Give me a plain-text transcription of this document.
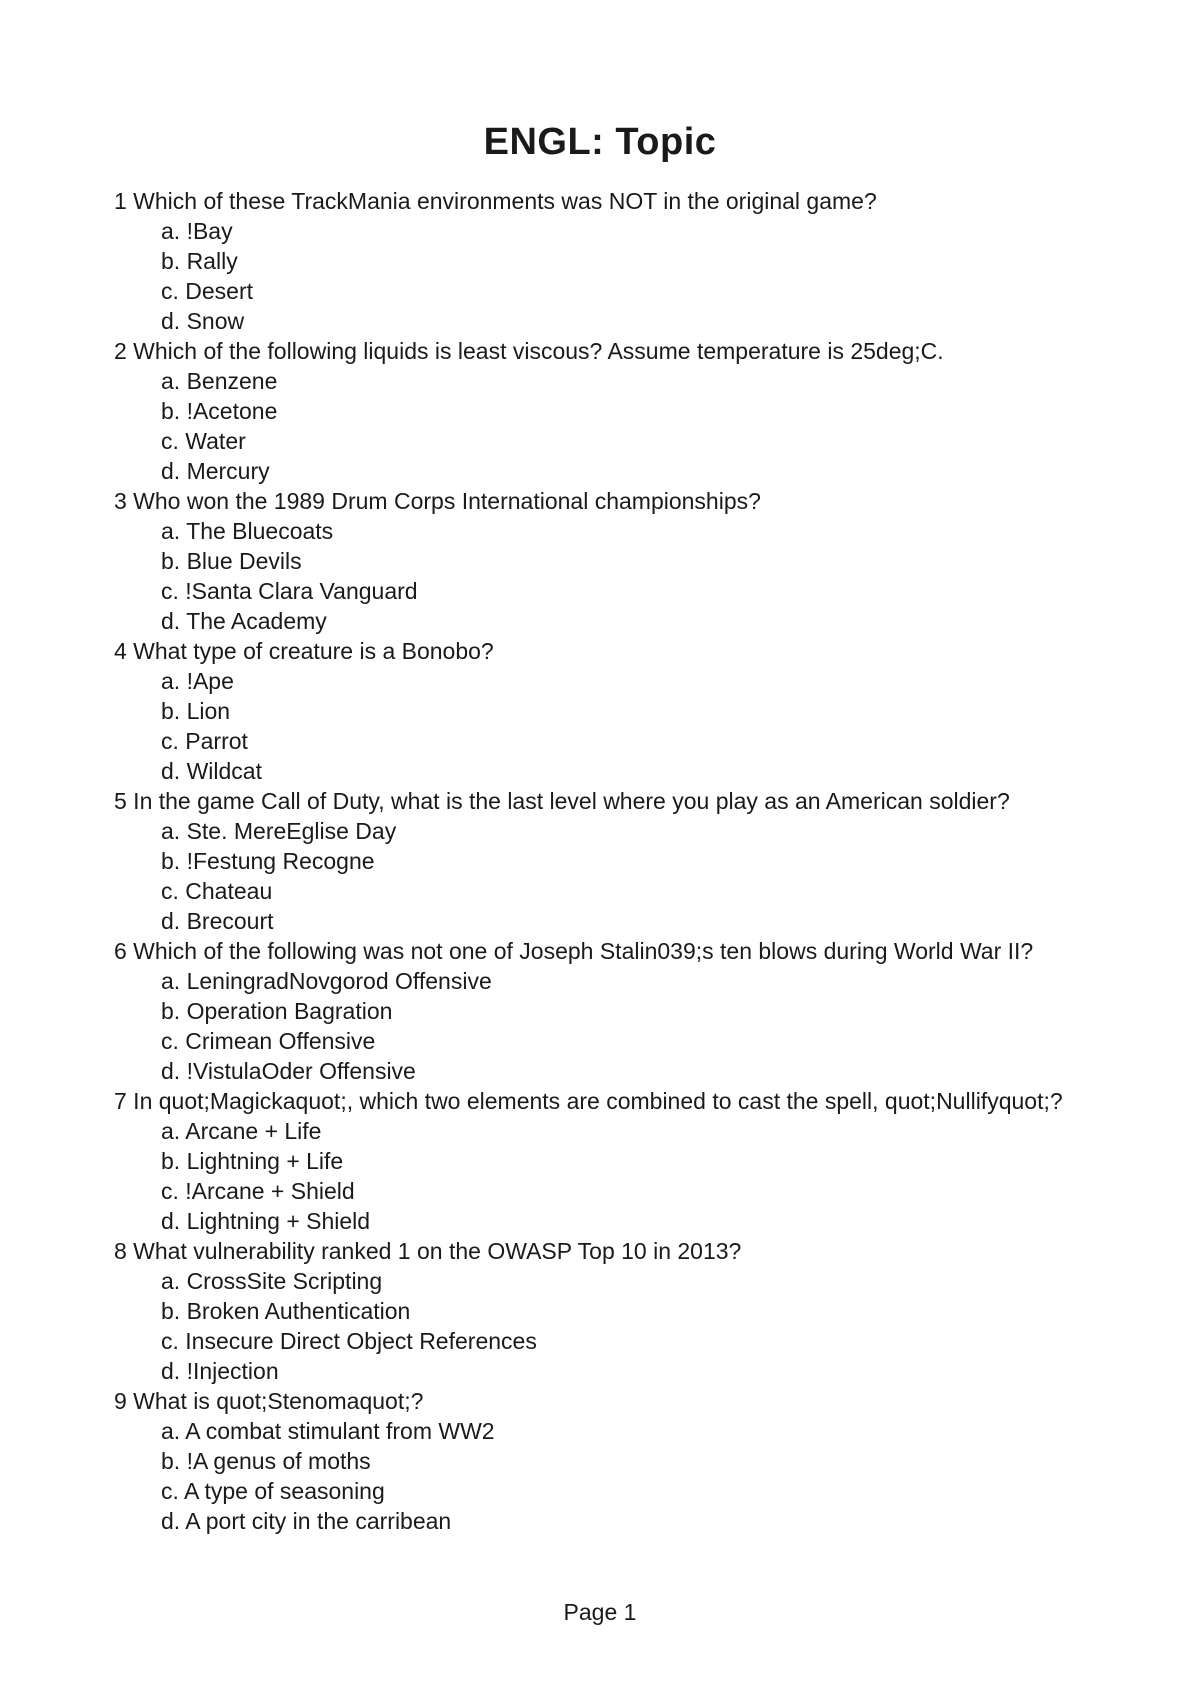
ENGL: Topic
1 Which of these TrackMania environments was NOT in the original game?
a. !Bay
b. Rally
c. Desert
d. Snow
2 Which of the following liquids is least viscous? Assume temperature is 25deg;C.
a. Benzene
b. !Acetone
c. Water
d. Mercury
3 Who won the 1989 Drum Corps International championships?
a. The Bluecoats
b. Blue Devils
c. !Santa Clara Vanguard
d. The Academy
4 What type of creature is a Bonobo?
a. !Ape
b. Lion
c. Parrot
d. Wildcat
5 In the game Call of Duty, what is the last level where you play as an American soldier?
a. Ste. MereEglise Day
b. !Festung Recogne
c. Chateau
d. Brecourt
6 Which of the following was not one of Joseph Stalin039;s ten blows during World War II?
a. LeningradNovgorod Offensive
b. Operation Bagration
c. Crimean Offensive
d. !VistulaOder Offensive
7 In quot;Magickaquot;, which two elements are combined to cast the spell, quot;Nullifyquot;?
a. Arcane + Life
b. Lightning + Life
c. !Arcane + Shield
d. Lightning + Shield
8 What vulnerability ranked 1 on the OWASP Top 10 in 2013?
a. CrossSite Scripting
b. Broken Authentication
c. Insecure Direct Object References
d. !Injection
9 What is quot;Stenomaquot;?
a. A combat stimulant from WW2
b. !A genus of moths
c. A type of seasoning
d. A port city in the carribean
Page 1
